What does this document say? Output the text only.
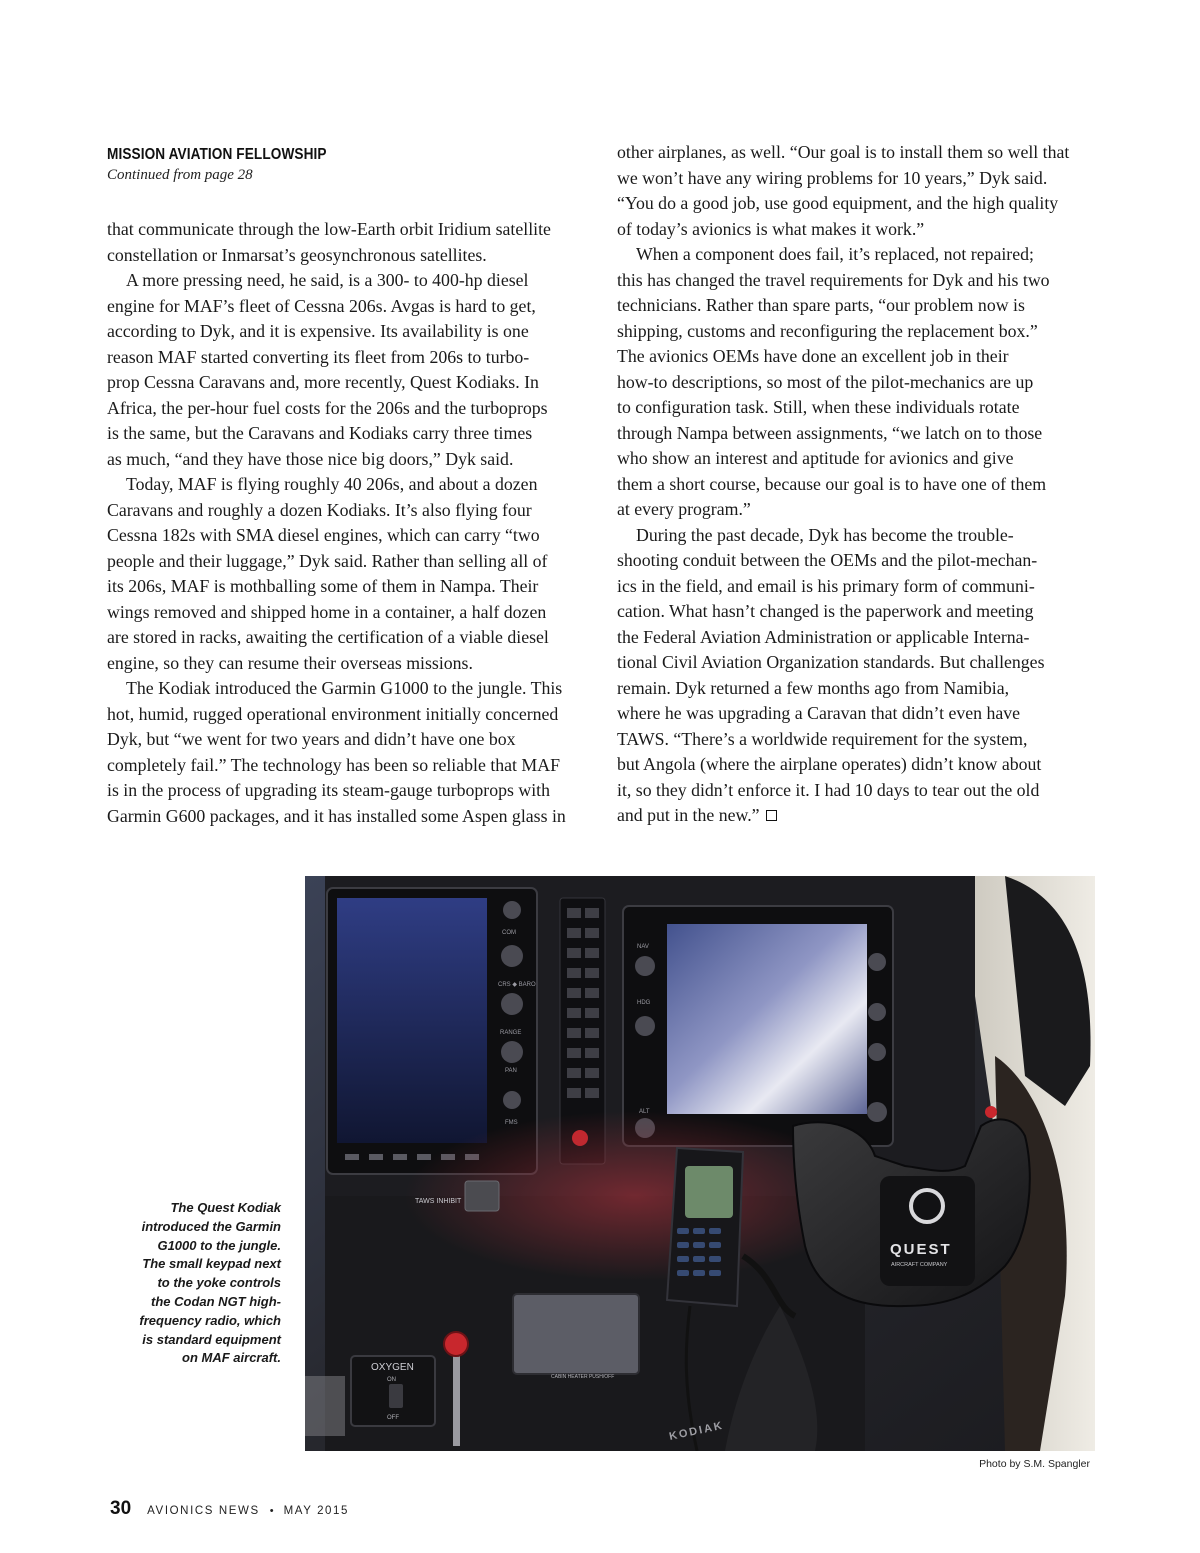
MISSION AVIATION FELLOWSHIP
Continued from page 28
that communicate through the low-Earth orbit Iridium satellite
constellation or Inmarsat’s geosynchronous satellites.
A more pressing need, he said, is a 300- to 400-hp diesel
engine for MAF’s fleet of Cessna 206s. Avgas is hard to get,
according to Dyk, and it is expensive. Its availability is one
reason MAF started converting its fleet from 206s to turbo-
prop Cessna Caravans and, more recently, Quest Kodiaks. In
Africa, the per-hour fuel costs for the 206s and the turboprops
is the same, but the Caravans and Kodiaks carry three times
as much, “and they have those nice big doors,” Dyk said.
Today, MAF is flying roughly 40 206s, and about a dozen
Caravans and roughly a dozen Kodiaks. It’s also flying four
Cessna 182s with SMA diesel engines, which can carry “two
people and their luggage,” Dyk said. Rather than selling all of
its 206s, MAF is mothballing some of them in Nampa. Their
wings removed and shipped home in a container, a half dozen
are stored in racks, awaiting the certification of a viable diesel
engine, so they can resume their overseas missions.
The Kodiak introduced the Garmin G1000 to the jungle. This
hot, humid, rugged operational environment initially concerned
Dyk, but “we went for two years and didn’t have one box
completely fail.” The technology has been so reliable that MAF
is in the process of upgrading its steam-gauge turboprops with
Garmin G600 packages, and it has installed some Aspen glass in
other airplanes, as well. “Our goal is to install them so well that
we won’t have any wiring problems for 10 years,” Dyk said.
“You do a good job, use good equipment, and the high quality
of today’s avionics is what makes it work.”
When a component does fail, it’s replaced, not repaired;
this has changed the travel requirements for Dyk and his two
technicians. Rather than spare parts, “our problem now is
shipping, customs and reconfiguring the replacement box.”
The avionics OEMs have done an excellent job in their
how-to descriptions, so most of the pilot-mechanics are up
to configuration task. Still, when these individuals rotate
through Nampa between assignments, “we latch on to those
who show an interest and aptitude for avionics and give
them a short course, because our goal is to have one of them
at every program.”
During the past decade, Dyk has become the trouble-
shooting conduit between the OEMs and the pilot-mechan-
ics in the field, and email is his primary form of communi-
cation. What hasn’t changed is the paperwork and meeting
the Federal Aviation Administration or applicable Interna-
tional Civil Aviation Organization standards. But challenges
remain. Dyk returned a few months ago from Namibia,
where he was upgrading a Caravan that didn’t even have
TAWS. “There’s a worldwide requirement for the system,
but Angola (where the airplane operates) didn’t know about
it, so they didn’t enforce it. I had 10 days to tear out the old
and put in the new.”
The Quest Kodiak
introduced the Garmin
G1000 to the jungle.
The small keypad next
to the yoke controls
the Codan NGT high-
frequency radio, which
is standard equipment
on MAF aircraft.
COM
CRS ◆ BARO
RANGE
PAN
FMS
NAV
HDG
TAWS INHIBIT
CABIN HEATER PUSH/OFF
OXYGEN
ON
OFF
QUEST
AIRCRAFT COMPANY
KODIAK
Photo by S.M. Spangler
30 AVIONICS NEWS • MAY 2015
